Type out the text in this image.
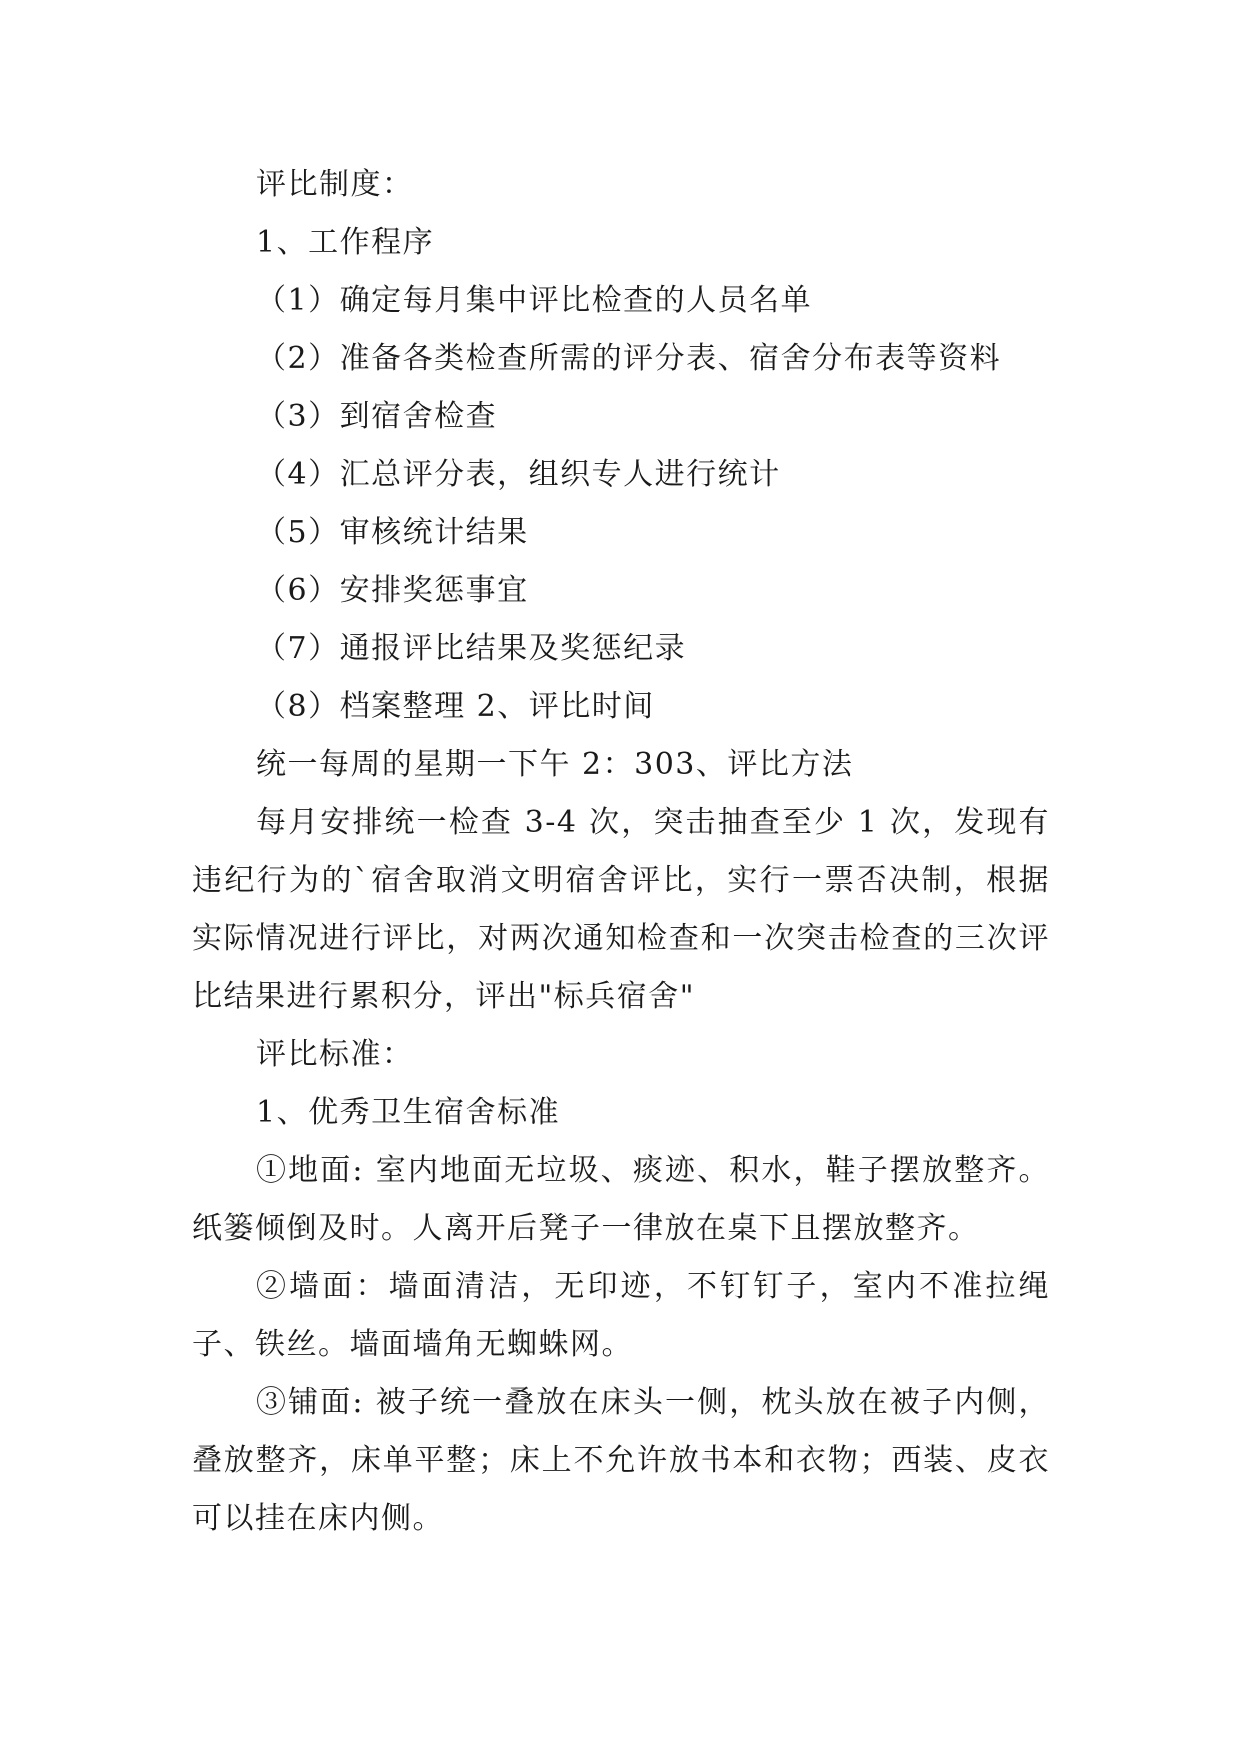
评比制度：

1、工作程序

（1）确定每月集中评比检查的人员名单

（2）准备各类检查所需的评分表、宿舍分布表等资料

（3）到宿舍检查

（4）汇总评分表，组织专人进行统计

（5）审核统计结果

（6）安排奖惩事宜

（7）通报评比结果及奖惩纪录

（8）档案整理 2、评比时间

统一每周的星期一下午 2：303、评比方法

每月安排统一检查 3-4 次，突击抽查至少 1 次，发现有违纪行为的`宿舍取消文明宿舍评比，实行一票否决制，根据实际情况进行评比，对两次通知检查和一次突击检查的三次评比结果进行累积分，评出"标兵宿舍"

评比标准：

1、优秀卫生宿舍标准

①地面: 室内地面无垃圾、痰迹、积水，鞋子摆放整齐。纸篓倾倒及时。人离开后凳子一律放在桌下且摆放整齐。

②墙面：墙面清洁，无印迹，不钉钉子，室内不准拉绳子、铁丝。墙面墙角无蜘蛛网。

③铺面: 被子统一叠放在床头一侧，枕头放在被子内侧，叠放整齐，床单平整；床上不允许放书本和衣物；西装、皮衣可以挂在床内侧。
